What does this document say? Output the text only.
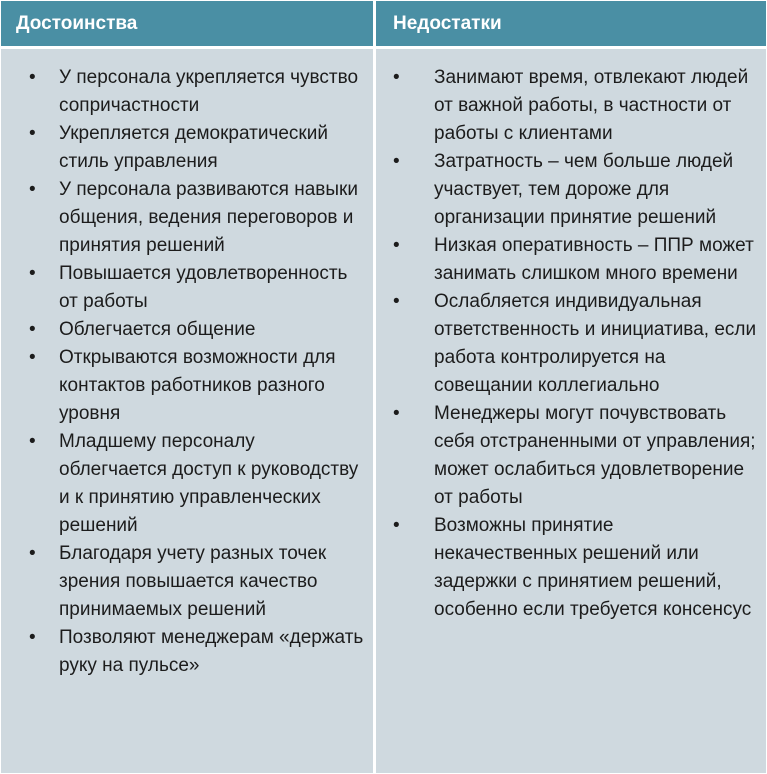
Достоинства	Недостатки
• У персонала укрепляется чувство сопричастности
• Укрепляется демократический стиль управления
• У персонала развиваются навыки общения, ведения переговоров и принятия решений
• Повышается удовлетворенность от работы
• Облегчается общение
• Открываются возможности для контактов работников разного уровня
• Младшему персоналу облегчается доступ к руководству и к принятию управленческих решений
• Благодаря учету разных точек зрения повышается качество принимаемых решений
• Позволяют менеджерам «держать руку на пульсе»
• Занимают время, отвлекают людей от важной работы, в частности от работы с клиентами
• Затратность – чем больше людей участвует, тем дороже для организации принятие решений
• Низкая оперативность – ППР может занимать слишком много времени
• Ослабляется индивидуальная ответственность и инициатива, если работа контролируется на совещании коллегиально
• Менеджеры могут почувствовать себя отстраненными от управления; может ослабиться удовлетворение от работы
• Возможны принятие некачественных решений или задержки с принятием решений, особенно если требуется консенсус
